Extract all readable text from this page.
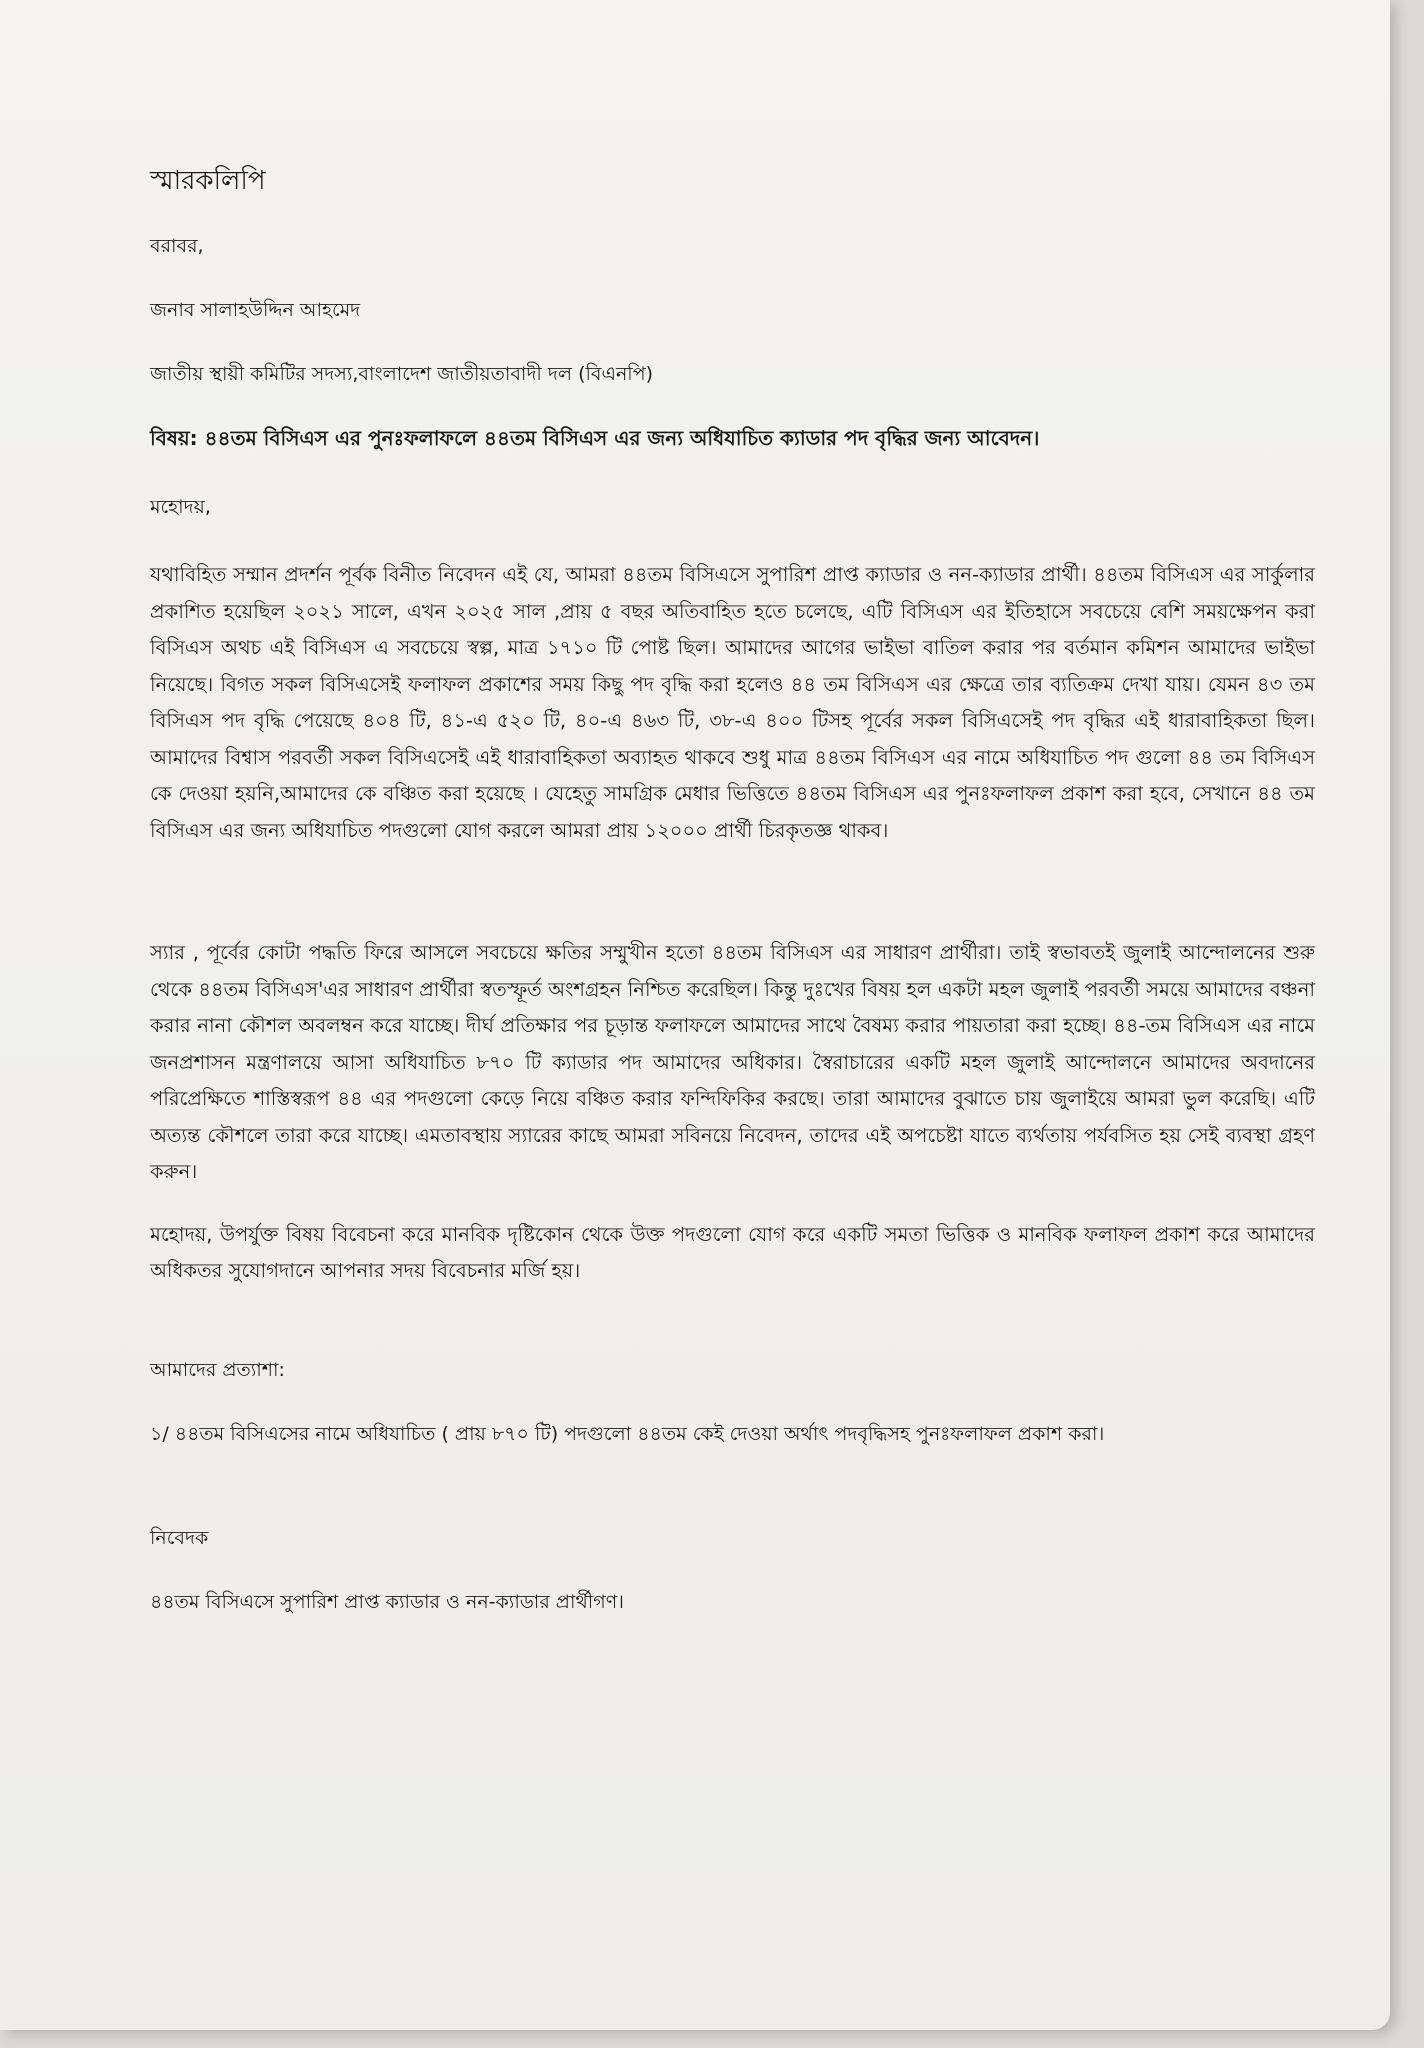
স্মারকলিপি
বরাবর,
জনাব সালাহউদ্দিন আহমেদ
জাতীয় স্থায়ী কমিটির সদস্য,বাংলাদেশ জাতীয়তাবাদী দল (বিএনপি)
বিষয়: ৪৪তম বিসিএস এর পুনঃফলাফলে ৪৪তম বিসিএস এর জন্য অধিযাচিত ক্যাডার পদ বৃদ্ধির জন্য আবেদন।
মহোদয়,
যথাবিহিত সম্মান প্রদর্শন পূর্বক বিনীত নিবেদন এই যে, আমরা ৪৪তম বিসিএসে সুপারিশ প্রাপ্ত ক্যাডার ও নন-ক্যাডার প্রার্থী। ৪৪তম বিসিএস এর সার্কুলার প্রকাশিত হয়েছিল ২০২১ সালে, এখন ২০২৫ সাল ,প্রায় ৫ বছর অতিবাহিত হতে চলেছে, এটি বিসিএস এর ইতিহাসে সবচেয়ে বেশি সময়ক্ষেপন করা বিসিএস অথচ এই বিসিএস এ সবচেয়ে স্বল্প, মাত্র ১৭১০ টি পোষ্ট ছিল। আমাদের আগের ভাইভা বাতিল করার পর বর্তমান কমিশন আমাদের ভাইভা নিয়েছে। বিগত সকল বিসিএসেই ফলাফল প্রকাশের সময় কিছু পদ বৃদ্ধি করা হলেও ৪৪ তম বিসিএস এর ক্ষেত্রে তার ব্যতিক্রম দেখা যায়। যেমন ৪৩ তম বিসিএস পদ বৃদ্ধি পেয়েছে ৪০৪ টি, ৪১-এ ৫২০ টি, ৪০-এ ৪৬৩ টি, ৩৮-এ ৪০০ টিসহ পূর্বের সকল বিসিএসেই পদ বৃদ্ধির এই ধারাবাহিকতা ছিল। আমাদের বিশ্বাস পরবর্তী সকল বিসিএসেই এই ধারাবাহিকতা অব্যাহত থাকবে শুধু মাত্র ৪৪তম বিসিএস এর নামে অধিযাচিত পদ গুলো ৪৪ তম বিসিএস কে দেওয়া হয়নি,আমাদের কে বঞ্চিত করা হয়েছে । যেহেতু সামগ্রিক মেধার ভিত্তিতে ৪৪তম বিসিএস এর পুনঃফলাফল প্রকাশ করা হবে, সেখানে ৪৪ তম বিসিএস এর জন্য অধিযাচিত পদগুলো যোগ করলে আমরা প্রায় ১২০০০ প্রার্থী চিরকৃতজ্ঞ থাকব।
স্যার , পূর্বের কোটা পদ্ধতি ফিরে আসলে সবচেয়ে ক্ষতির সম্মুখীন হতো ৪৪তম বিসিএস এর সাধারণ প্রার্থীরা। তাই স্বভাবতই জুলাই আন্দোলনের শুরু থেকে ৪৪তম বিসিএস'এর সাধারণ প্রার্থীরা স্বতস্ফূর্ত অংশগ্রহন নিশ্চিত করেছিল। কিন্তু দুঃখের বিষয় হল একটা মহল জুলাই পরবর্তী সময়ে আমাদের বঞ্চনা করার নানা কৌশল অবলম্বন করে যাচ্ছে। দীর্ঘ প্রতিক্ষার পর চূড়ান্ত ফলাফলে আমাদের সাথে বৈষম্য করার পায়তারা করা হচ্ছে। ৪৪-তম বিসিএস এর নামে জনপ্রশাসন মন্ত্রণালয়ে আসা অধিযাচিত ৮৭০ টি ক্যাডার পদ আমাদের অধিকার। স্বৈরাচারের একটি মহল জুলাই আন্দোলনে আমাদের অবদানের পরিপ্রেক্ষিতে শাস্তিস্বরূপ ৪৪ এর পদগুলো কেড়ে নিয়ে বঞ্চিত করার ফন্দিফিকির করছে। তারা আমাদের বুঝাতে চায় জুলাইয়ে আমরা ভুল করেছি। এটি অত্যন্ত কৌশলে তারা করে যাচ্ছে। এমতাবস্থায় স্যারের কাছে আমরা সবিনয়ে নিবেদন, তাদের এই অপচেষ্টা যাতে ব্যর্থতায় পর্যবসিত হয় সেই ব্যবস্থা গ্রহণ করুন।
মহোদয়, উপর্যুক্ত বিষয় বিবেচনা করে মানবিক দৃষ্টিকোন থেকে উক্ত পদগুলো যোগ করে একটি সমতা ভিত্তিক ও মানবিক ফলাফল প্রকাশ করে আমাদের অধিকতর সুযোগদানে আপনার সদয় বিবেচনার মর্জি হয়।
আমাদের প্রত্যাশা:
১/ ৪৪তম বিসিএসের নামে অধিযাচিত ( প্রায় ৮৭০ টি) পদগুলো ৪৪তম কেই দেওয়া অর্থাৎ পদবৃদ্ধিসহ পুনঃফলাফল প্রকাশ করা।
নিবেদক
৪৪তম বিসিএসে সুপারিশ প্রাপ্ত ক্যাডার ও নন-ক্যাডার প্রার্থীগণ।
